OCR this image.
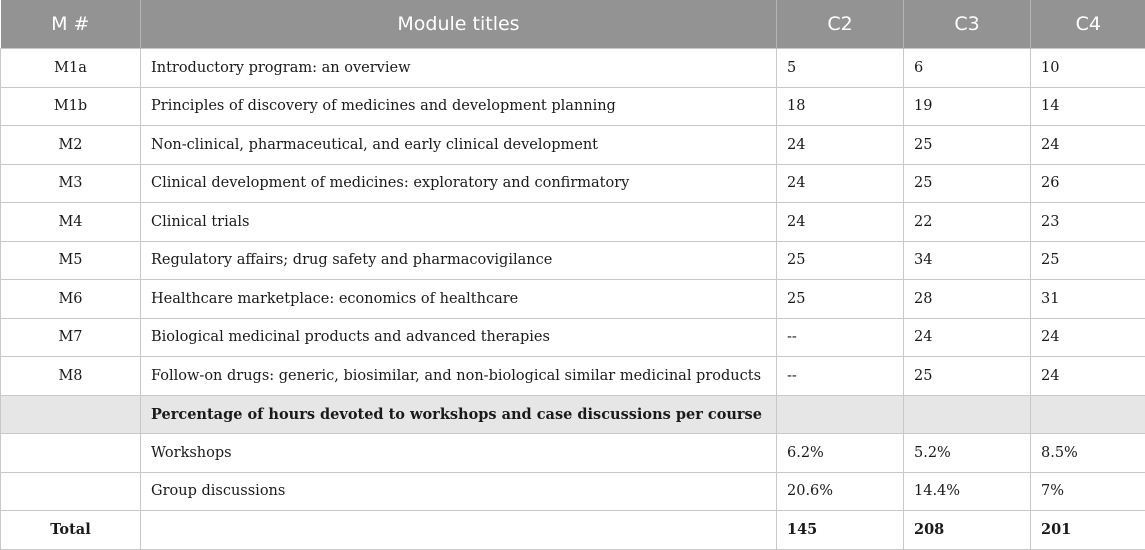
M #	Module titles	C2	C3	C4
M1a	Introductory program: an overview	5	6	10
M1b	Principles of discovery of medicines and development planning	18	19	14
M2	Non-clinical, pharmaceutical, and early clinical development	24	25	24
M3	Clinical development of medicines: exploratory and confirmatory	24	25	26
M4	Clinical trials	24	22	23
M5	Regulatory affairs; drug safety and pharmacovigilance	25	34	25
M6	Healthcare marketplace: economics of healthcare	25	28	31
M7	Biological medicinal products and advanced therapies	--	24	24
M8	Follow-on drugs: generic, biosimilar, and non-biological similar medicinal products	--	25	24
	Percentage of hours devoted to workshops and case discussions per course			
	Workshops	6.2%	5.2%	8.5%
	Group discussions	20.6%	14.4%	7%
Total		145	208	201
